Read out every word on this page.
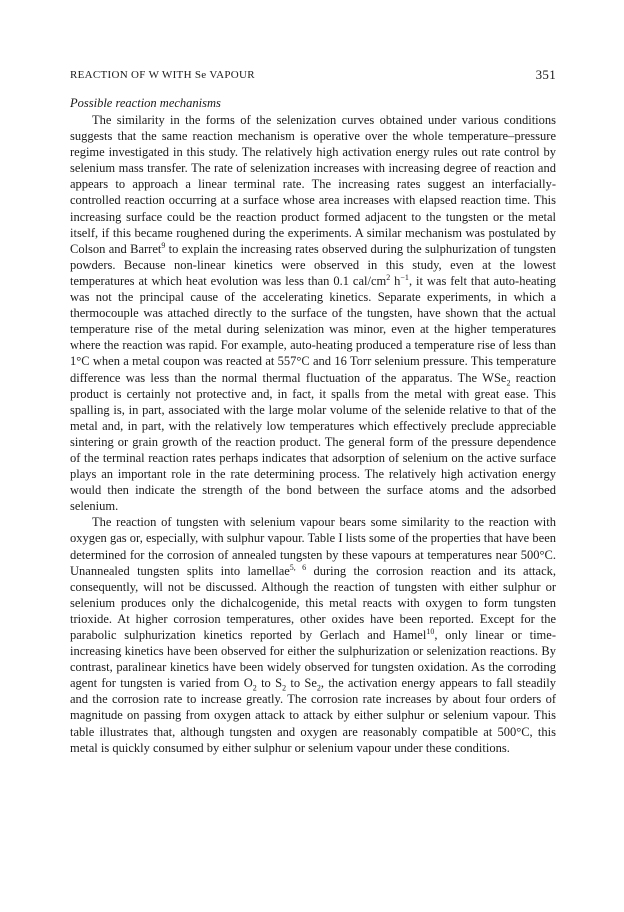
REACTION OF W WITH Se VAPOUR	351
Possible reaction mechanisms

The similarity in the forms of the selenization curves obtained under various conditions suggests that the same reaction mechanism is operative over the whole temperature–pressure regime investigated in this study. The relatively high activation energy rules out rate control by selenium mass transfer. The rate of selenization increases with increasing degree of reaction and appears to approach a linear terminal rate. The increasing rates suggest an interfacially-controlled reaction occurring at a surface whose area increases with elapsed reaction time. This increasing surface could be the reaction product formed adjacent to the tungsten or the metal itself, if this became roughened during the experiments. A similar mechanism was postulated by Colson and Barret$^9$ to explain the increasing rates observed during the sulphurization of tungsten powders. Because non-linear kinetics were observed in this study, even at the lowest temperatures at which heat evolution was less than 0.1 cal/$cm^2$ $h^{-1}$, it was felt that auto-heating was not the principal cause of the accelerating kinetics. Separate experiments, in which a thermocouple was attached directly to the surface of the tungsten, have shown that the actual temperature rise of the metal during selenization was minor, even at the higher temperatures where the reaction was rapid. For example, auto-heating produced a temperature rise of less than 1°C when a metal coupon was reacted at 557°C and 16 Torr selenium pressure. This temperature difference was less than the normal thermal fluctuation of the apparatus. The WSe$_2$ reaction product is certainly not protective and, in fact, it spalls from the metal with great ease. This spalling is, in part, associated with the large molar volume of the selenide relative to that of the metal and, in part, with the relatively low temperatures which effectively preclude appreciable sintering or grain growth of the reaction product. The general form of the pressure dependence of the terminal reaction rates perhaps indicates that adsorption of selenium on the active surface plays an important role in the rate determining process. The relatively high activation energy would then indicate the strength of the bond between the surface atoms and the adsorbed selenium.

The reaction of tungsten with selenium vapour bears some similarity to the reaction with oxygen gas or, especially, with sulphur vapour. Table I lists some of the properties that have been determined for the corrosion of annealed tungsten by these vapours at temperatures near 500°C. Unannealed tungsten splits into lamellae$^{5, 6}$ during the corrosion reaction and its attack, consequently, will not be discussed. Although the reaction of tungsten with either sulphur or selenium produces only the dichalcogenide, this metal reacts with oxygen to form tungsten trioxide. At higher corrosion temperatures, other oxides have been reported. Except for the parabolic sulphurization kinetics reported by Gerlach and Hamel$^{10}$, only linear or time-increasing kinetics have been observed for either the sulphurization or selenization reactions. By contrast, paralinear kinetics have been widely observed for tungsten oxidation. As the corroding agent for tungsten is varied from $O_2$ to $S_2$ to $Se_2$, the activation energy appears to fall steadily and the corrosion rate to increase greatly. The corrosion rate increases by about four orders of magnitude on passing from oxygen attack to attack by either sulphur or selenium vapour. This table illustrates that, although tungsten and oxygen are reasonably compatible at 500°C, this metal is quickly consumed by either sulphur or selenium vapour under these conditions.
